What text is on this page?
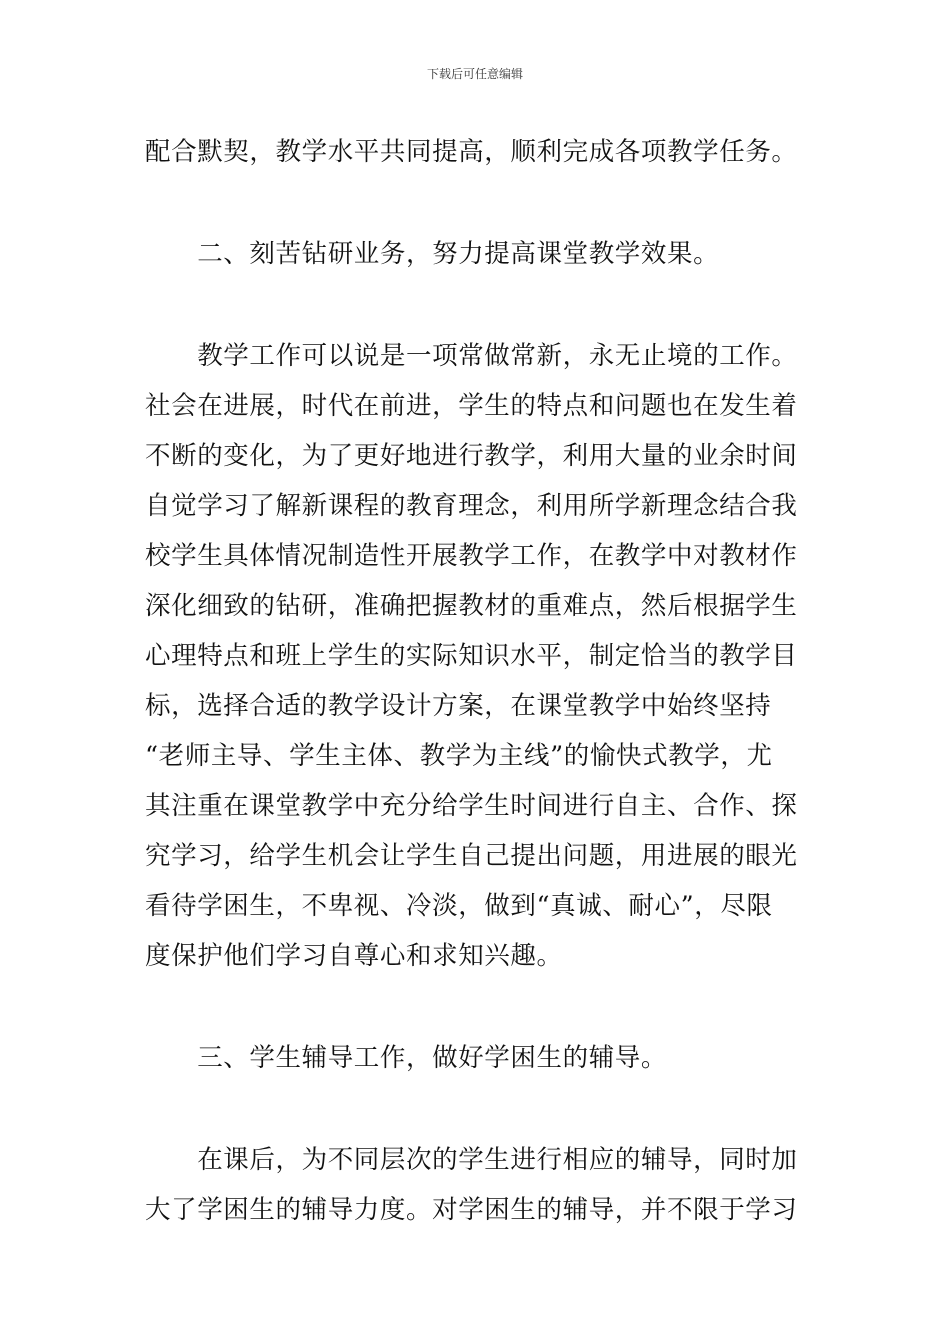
下载后可任意编辑
配合默契，教学水平共同提高，顺利完成各项教学任务。
　　二、刻苦钻研业务，努力提高课堂教学效果。
　　教学工作可以说是一项常做常新，永无止境的工作。
社会在进展，时代在前进，学生的特点和问题也在发生着
不断的变化，为了更好地进行教学，利用大量的业余时间
自觉学习了解新课程的教育理念，利用所学新理念结合我
校学生具体情况制造性开展教学工作，在教学中对教材作
深化细致的钻研，准确把握教材的重难点，然后根据学生
心理特点和班上学生的实际知识水平，制定恰当的教学目
标，选择合适的教学设计方案，在课堂教学中始终坚持
“老师主导、学生主体、教学为主线”的愉快式教学，尤
其注重在课堂教学中充分给学生时间进行自主、合作、探
究学习，给学生机会让学生自己提出问题，用进展的眼光
看待学困生，不卑视、冷淡，做到“真诚、耐心”，尽限
度保护他们学习自尊心和求知兴趣。
　　三、学生辅导工作，做好学困生的辅导。
　　在课后，为不同层次的学生进行相应的辅导，同时加
大了学困生的辅导力度。对学困生的辅导，并不限于学习
